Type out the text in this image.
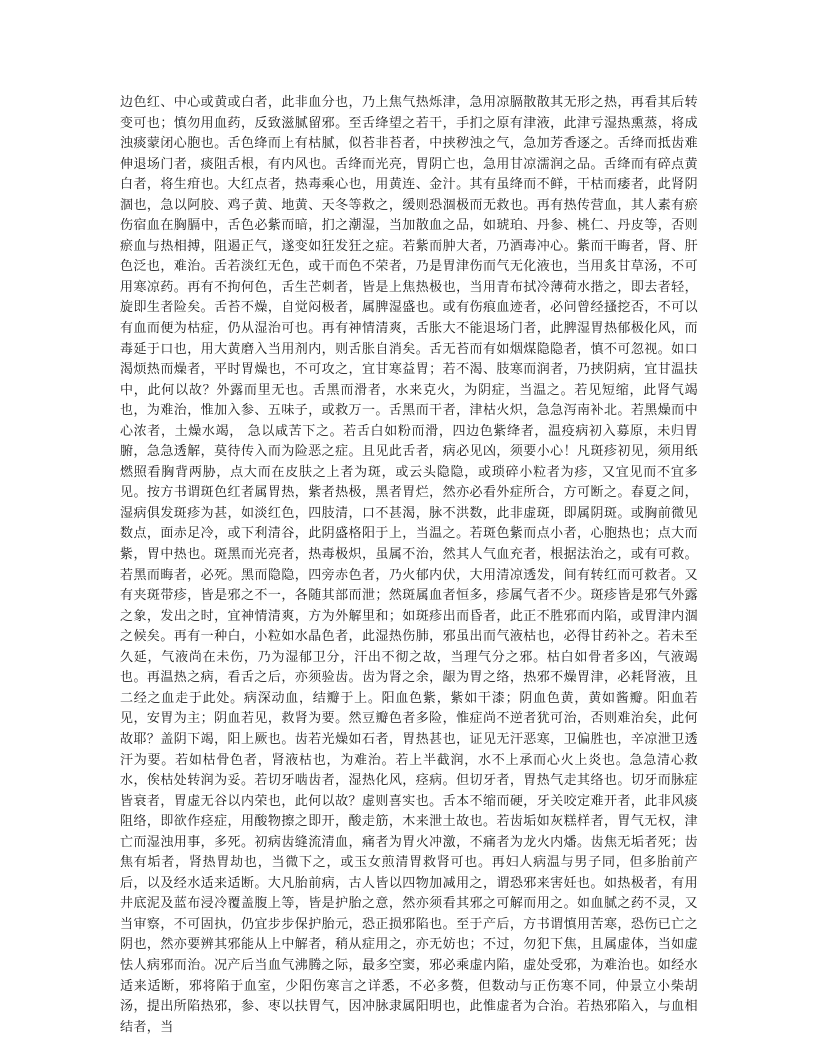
边色红、中心或黄或白者，此非血分也，乃上焦气热烁津，急用凉膈散散其无形之热，再看其后转变可也；慎勿用血药，反致滋腻留邪。至舌绛望之若干，手扪之原有津液，此津亏湿热熏蒸，将成浊痰蒙闭心胞也。舌色绛而上有枯腻，似苔非苔者，中挟秽浊之气，急加芳香逐之。舌绛而抵齿难伸退场门者，痰阻舌根，有内风也。舌绛而光亮，胃阴亡也，急用甘凉濡润之品。舌绛而有碎点黄白者，将生疳也。大红点者，热毒乘心也，用黄连、金汁。其有虽绛而不鲜，干枯而痿者，此肾阴涸也，急以阿胶、鸡子黄、地黄、天冬等救之，缓则恐涸极而无救也。再有热传营血，其人素有瘀伤宿血在胸膈中，舌色必紫而暗，扪之潮湿，当加散血之品，如琥珀、丹参、桃仁、丹皮等，否则瘀血与热相搏，阻遏正气，遂变如狂发狂之症。若紫而肿大者，乃酒毒冲心。紫而干晦者，肾、肝色泛也，难治。舌若淡红无色，或干而色不荣者，乃是胃津伤而气无化液也，当用炙甘草汤，不可用寒凉药。再有不拘何色，舌生芒刺者，皆是上焦热极也，当用青布拭冷薄荷水揩之，即去者轻，旋即生者险矣。舌苔不燥，自觉闷极者，属脾湿盛也。或有伤痕血迹者，必问曾经搔挖否，不可以有血而便为枯症，仍从湿治可也。再有神情清爽，舌胀大不能退场门者，此脾湿胃热郁极化风，而毒延于口也，用大黄磨入当用剂内，则舌胀自消矣。舌无苔而有如烟煤隐隐者，慎不可忽视。如口渴烦热而燥者，平时胃燥也，不可攻之，宜甘寒益胃；若不渴、肢寒而润者，乃挟阴病，宜甘温扶中，此何以故？外露而里无也。舌黑而滑者，水来克火，为阴症，当温之。若见短缩，此肾气竭也，为难治，惟加入参、五味子，或救万一。舌黑而干者，津枯火炽，急急泻南补北。若黑燥而中心浓者，土燥水竭， 急以咸苦下之。若舌白如粉而滑，四边色紫绛者，温疫病初入募原，未归胃腑，急急透解，莫待传入而为险恶之症。且见此舌者，病必见凶，须要小心！凡斑疹初见，须用纸燃照看胸背两胁，点大而在皮肤之上者为斑，或云头隐隐，或琐碎小粒者为疹，又宜见而不宜多见。按方书谓斑色红者属胃热，紫者热极，黑者胃烂，然亦必看外症所合，方可断之。春夏之间，湿病俱发斑疹为甚，如淡红色，四肢清，口不甚渴，脉不洪数，此非虚斑，即属阴斑。或胸前微见数点，面赤足冷，或下利清谷，此阴盛格阳于上，当温之。若斑色紫而点小者，心胞热也；点大而紫，胃中热也。斑黑而光亮者，热毒极炽，虽属不治，然其人气血充者，根据法治之，或有可救。若黑而晦者，必死。黑而隐隐，四旁赤色者，乃火郁内伏，大用清凉透发，间有转红而可救者。又有夹斑带疹，皆是邪之不一，各随其部而泄；然斑属血者恒多，疹属气者不少。斑疹皆是邪气外露之象，发出之时，宜神情清爽，方为外解里和；如斑疹出而昏者，此正不胜邪而内陷，或胃津内涸之候矣。再有一种白，小粒如水晶色者，此湿热伤肺，邪虽出而气液枯也，必得甘药补之。若未至久延，气液尚在未伤，乃为湿郁卫分，汗出不彻之故，当理气分之邪。枯白如骨者多凶，气液竭也。再温热之病，看舌之后，亦须验齿。齿为肾之余，龈为胃之络，热邪不燥胃津，必耗肾液，且二经之血走于此处。病深动血，结瓣于上。阳血色紫，紫如干漆；阴血色黄，黄如酱瓣。阳血若见，安胃为主；阴血若见，救肾为要。然豆瓣色者多险，惟症尚不逆者犹可治，否则难治矣，此何故耶？盖阴下竭，阳上厥也。齿若光燥如石者，胃热甚也，证见无汗恶寒，卫偏胜也，辛凉泄卫透汗为要。若如枯骨色者，肾液枯也，为难治。若上半截润，水不上承而心火上炎也。急急清心救水，俟枯处转润为妥。若切牙啮齿者，湿热化风，痉病。但切牙者，胃热气走其络也。切牙而脉症皆衰者，胃虚无谷以内荣也，此何以故？虚则喜实也。舌本不缩而硬，牙关咬定难开者，此非风痰阻络，即欲作痉症，用酸物擦之即开，酸走筋，木来泄土故也。若齿垢如灰糕样者，胃气无权，津亡而湿浊用事，多死。初病齿缝流清血，痛者为胃火冲激，不痛者为龙火内燔。齿焦无垢者死；齿焦有垢者，肾热胃劫也，当微下之，或玉女煎清胃救肾可也。再妇人病温与男子同，但多胎前产后，以及经水适来适断。大凡胎前病，古人皆以四物加减用之，谓恐邪来害妊也。如热极者，有用井底泥及蓝布浸冷覆盖腹上等，皆是护胎之意，然亦须看其邪之可解而用之。如血腻之药不灵，又当审察，不可固执，仍宜步步保护胎元，恐正损邪陷也。至于产后，方书谓慎用苦寒，恐伤已亡之阴也，然亦要辨其邪能从上中解者，稍从症用之，亦无妨也；不过，勿犯下焦，且属虚体，当如虚怯人病邪而治。况产后当血气沸腾之际，最多空窦，邪必乘虚内陷，虚处受邪，为难治也。如经水适来适断，邪将陷于血室，少阳伤寒言之详悉，不必多赘，但数动与正伤寒不同，仲景立小柴胡汤，提出所陷热邪，参、枣以扶胃气，因冲脉隶属阳明也，此惟虚者为合治。若热邪陷入，与血相结者，当
